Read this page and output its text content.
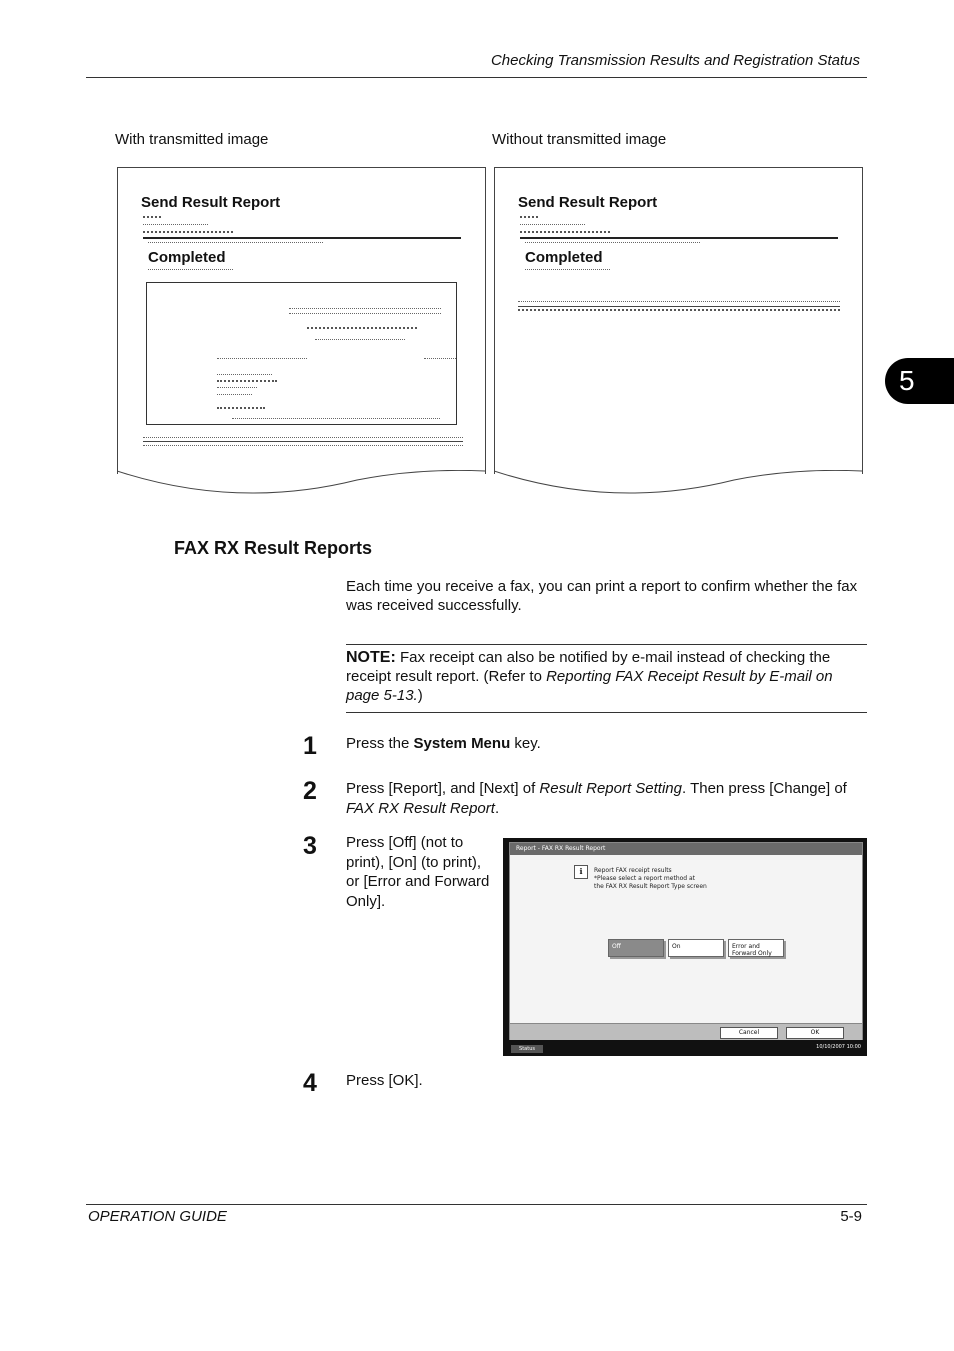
Checking Transmission Results and Registration Status
With transmitted image	Without transmitted image
Send Result Report
Completed
Send Result Report
Completed
5
FAX RX Result Reports
Each time you receive a fax, you can print a report to confirm whether the fax was received successfully.
NOTE: Fax receipt can also be notified by e-mail instead of checking the receipt result report. (Refer to Reporting FAX Receipt Result by E-mail on page 5-13.)
1 Press the System Menu key.
2 Press [Report], and [Next] of Result Report Setting. Then press [Change] of FAX RX Result Report.
3 Press [Off] (not to print), [On] (to print), or [Error and Forward Only].
Report - FAX RX Result Report
ℹ	Report FAX receipt results
*Please select a report method at
the FAX RX Result Report Type screen
Off	On	Error and Forward Only
Cancel	OK
Status	10/10/2007 10:00
4 Press [OK].
OPERATION GUIDE	5-9
